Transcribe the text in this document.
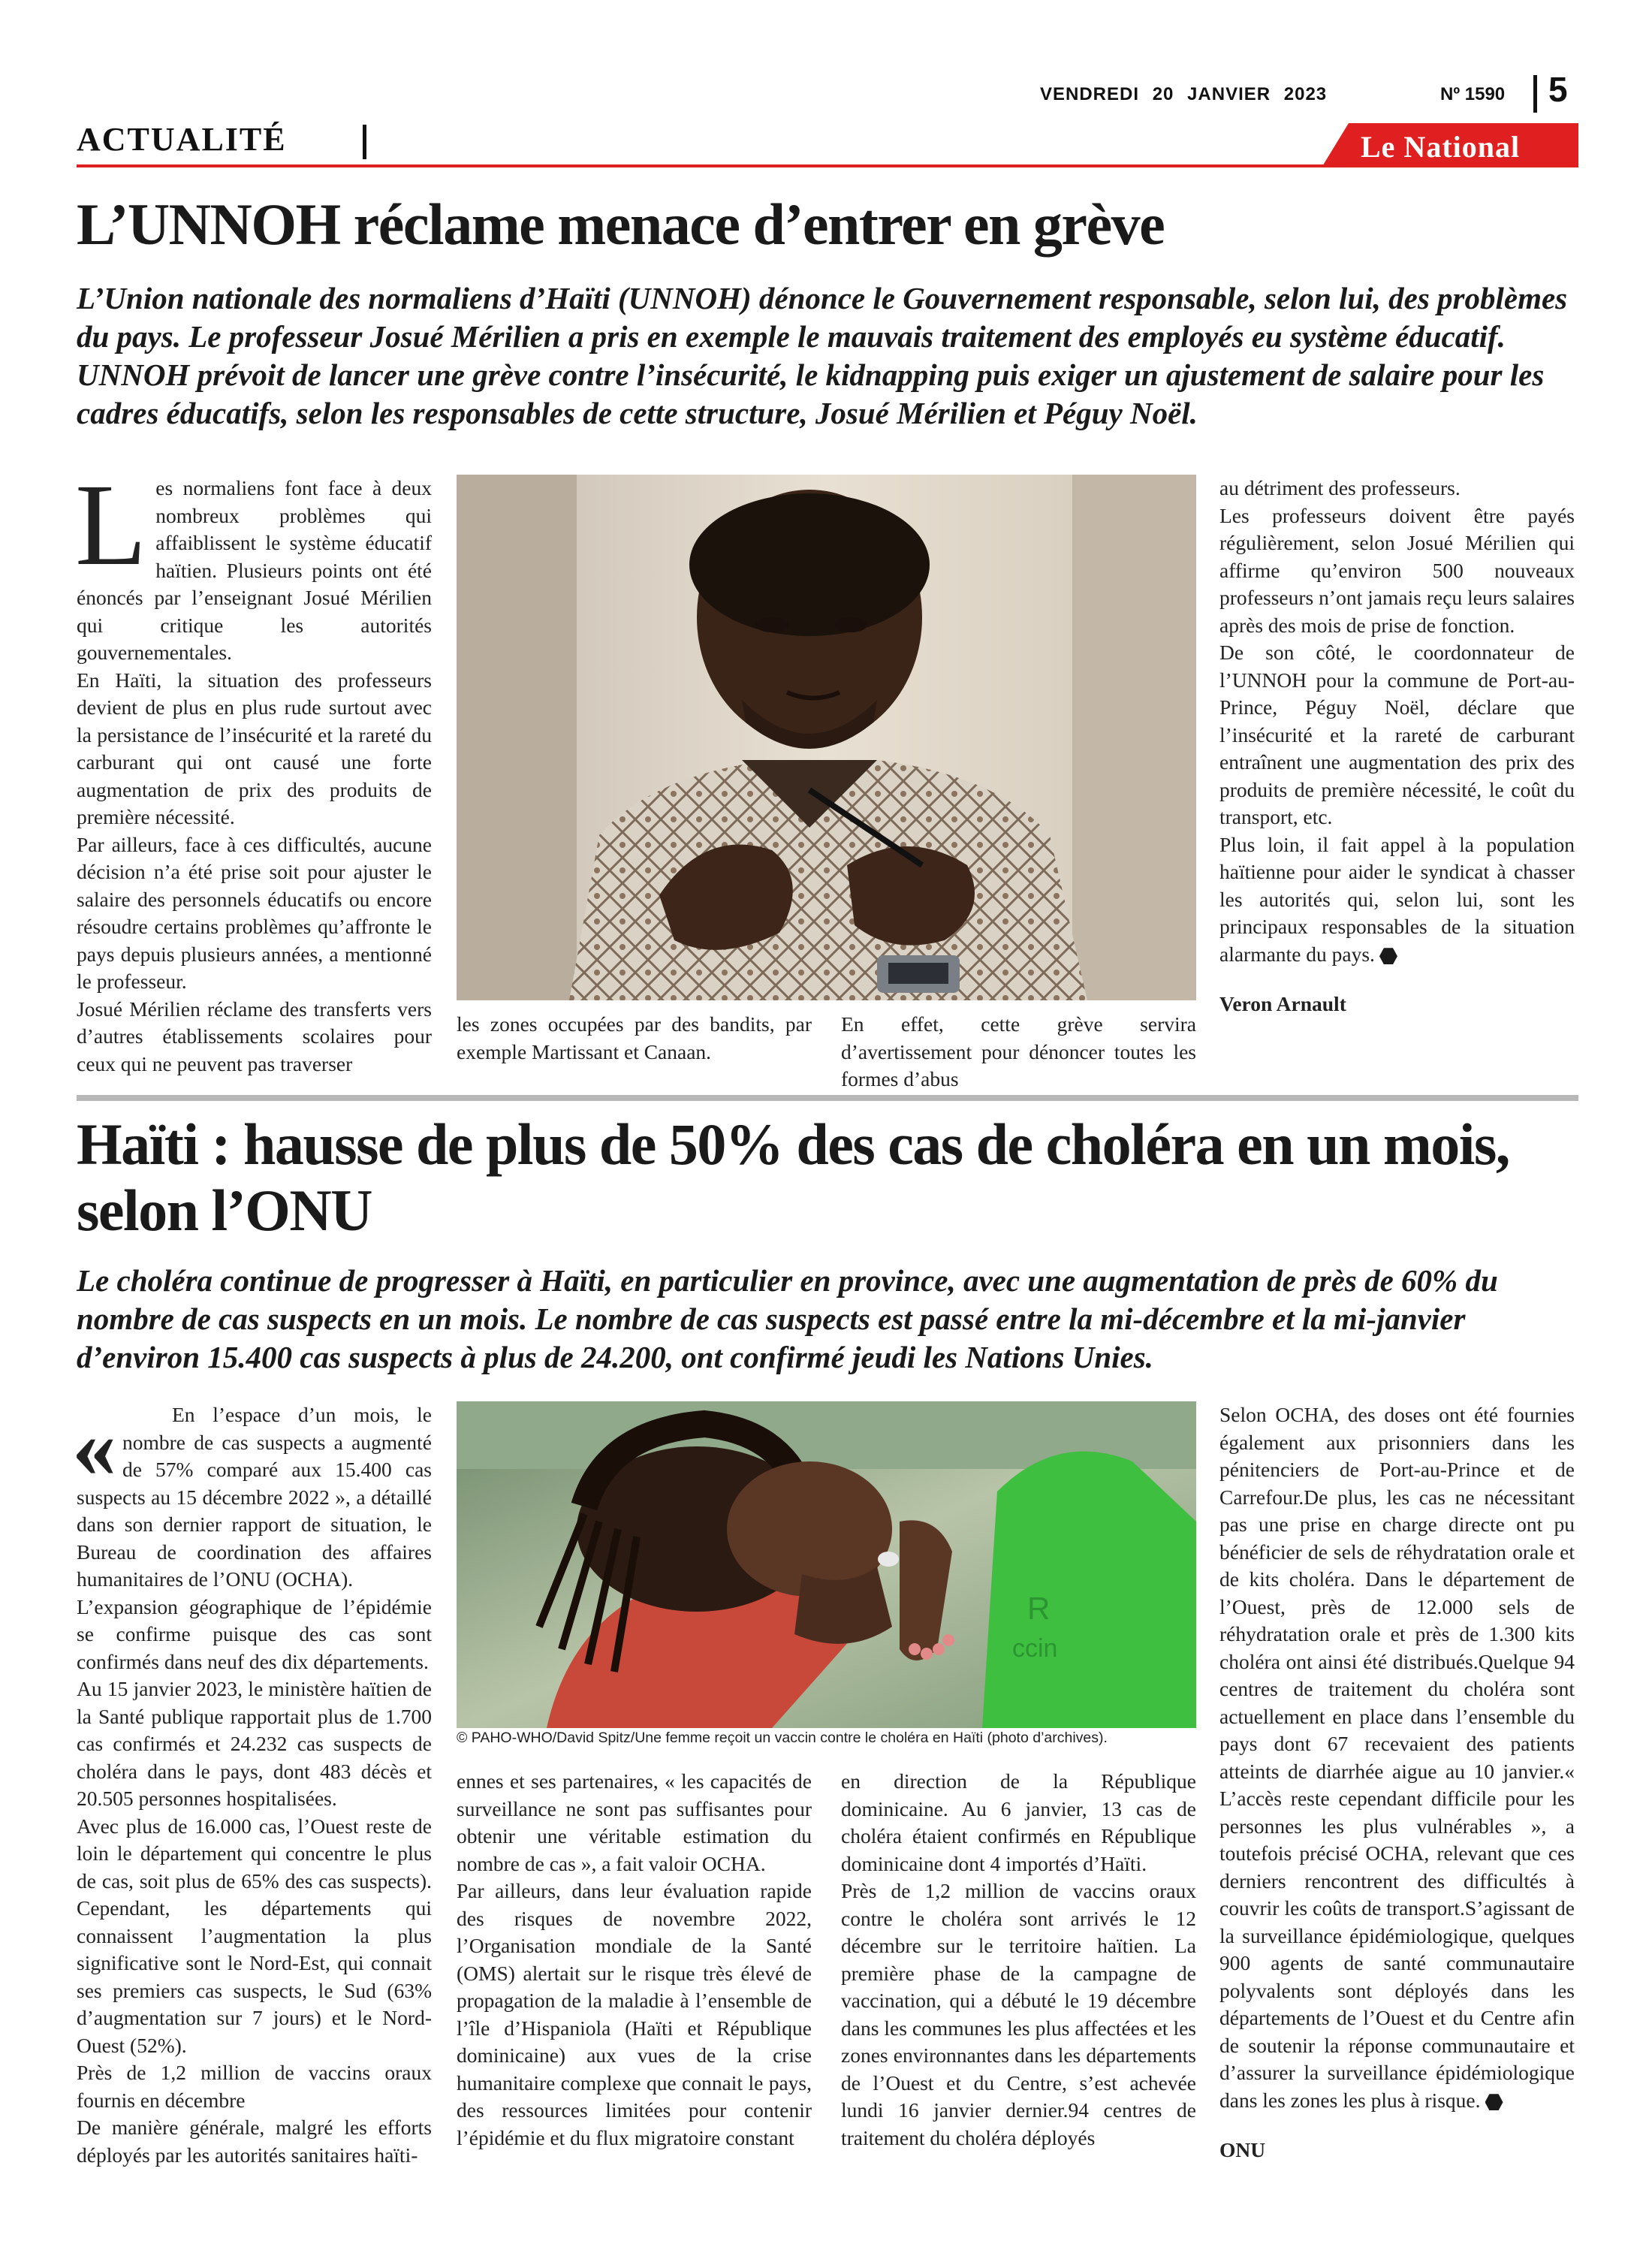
ACTUALITÉ
VENDREDI 20 JANVIER 2023	Nº 1590 5
Le National
L’UNNOH réclame menace d’entrer en grève
L’Union nationale des normaliens d’Haïti (UNNOH) dénonce le Gouvernement responsable, selon lui, des problèmes du pays. Le professeur Josué Mérilien a pris en exemple le mauvais traitement des employés eu système éducatif. UNNOH prévoit de lancer une grève contre l’insécurité, le kidnapping puis exiger un ajustement de salaire pour les cadres éducatifs, selon les responsables de cette structure, Josué Mérilien et Péguy Noël.

Les normaliens font face à deux nombreux problèmes qui affaiblissent le système éducatif haïtien. Plusieurs points ont été énoncés par l’enseignant Josué Mérilien qui critique les autorités gouvernementales.

En Haïti, la situation des professeurs devient de plus en plus rude surtout avec la persistance de l’insécurité et la rareté du carburant qui ont causé une forte augmentation de prix des produits de première nécessité.

Par ailleurs, face à ces difficultés, aucune décision n’a été prise soit pour ajuster le salaire des personnels éducatifs ou encore résoudre certains problèmes qu’affronte le pays depuis plusieurs années, a mentionné le professeur.

Josué Mérilien réclame des transferts vers d’autres établissements scolaires pour ceux qui ne peuvent pas traverser

les zones occupées par des bandits, par exemple Martissant et Canaan.

En effet, cette grève servira d’avertissement pour dénoncer toutes les formes d’abus

au détriment des professeurs.

Les professeurs doivent être payés régulièrement, selon Josué Mérilien qui affirme qu’environ 500 nouveaux professeurs n’ont jamais reçu leurs salaires après des mois de prise de fonction.

De son côté, le coordonnateur de l’UNNOH pour la commune de Port-au-Prince, Péguy Noël, déclare que l’insécurité et la rareté de carburant entraînent une augmentation des prix des produits de première nécessité, le coût du transport, etc.

Plus loin, il fait appel à la population haïtienne pour aider le syndicat à chasser les autorités qui, selon lui, sont les principaux responsables de la situation alarmante du pays.

Veron Arnault

Haïti : hausse de plus de 50% des cas de choléra en un mois, selon l’ONU
Le choléra continue de progresser à Haïti, en particulier en province, avec une augmentation de près de 60% du nombre de cas suspects en un mois. Le nombre de cas suspects est passé entre la mi-décembre et la mi-janvier d’environ 15.400 cas suspects à plus de 24.200, ont confirmé jeudi les Nations Unies.

«	En l’espace d’un mois, le nombre de cas suspects a augmenté de 57% comparé aux 15.400 cas suspects au 15 décembre 2022 », a détaillé dans son dernier rapport de situation, le Bureau de coordination des affaires humanitaires de l’ONU (OCHA).

L’expansion géographique de l’épidémie se confirme puisque des cas sont confirmés dans neuf des dix départements.

Au 15 janvier 2023, le ministère haïtien de la Santé publique rapportait plus de 1.700 cas confirmés et 24.232 cas suspects de choléra dans le pays, dont 483 décès et 20.505 personnes hospitalisées.

Avec plus de 16.000 cas, l’Ouest reste de loin le département qui concentre le plus de cas, soit plus de 65% des cas suspects). Cependant, les départements qui connaissent l’augmentation la plus significative sont le Nord-Est, qui connait ses premiers cas suspects, le Sud (63% d’augmentation sur 7 jours) et le Nord-Ouest (52%).

Près de 1,2 million de vaccins oraux fournis en décembre

De manière générale, malgré les efforts déployés par les autorités sanitaires haïti-

R
ccin
© PAHO-WHO/David Spitz/Une femme reçoit un vaccin contre le choléra en Haïti (photo d’archives).

ennes et ses partenaires, « les capacités de surveillance ne sont pas suffisantes pour obtenir une véritable estimation du nombre de cas », a fait valoir OCHA.

Par ailleurs, dans leur évaluation rapide des risques de novembre 2022, l’Organisation mondiale de la Santé (OMS) alertait sur le risque très élevé de propagation de la maladie à l’ensemble de l’île d’Hispaniola (Haïti et République dominicaine) aux vues de la crise humanitaire complexe que connait le pays, des ressources limitées pour contenir l’épidémie et du flux migratoire constant

en direction de la République dominicaine. Au 6 janvier, 13 cas de choléra étaient confirmés en République dominicaine dont 4 importés d’Haïti.

Près de 1,2 million de vaccins oraux contre le choléra sont arrivés le 12 décembre sur le territoire haïtien. La première phase de la campagne de vaccination, qui a débuté le 19 décembre dans les communes les plus affectées et les zones environnantes dans les départements de l’Ouest et du Centre, s’est achevée lundi 16 janvier dernier.94 centres de traitement du choléra déployés

Selon OCHA, des doses ont été fournies également aux prisonniers dans les pénitenciers de Port-au-Prince et de Carrefour.De plus, les cas ne nécessitant pas une prise en charge directe ont pu bénéficier de sels de réhydratation orale et de kits choléra. Dans le département de l’Ouest, près de 12.000 sels de réhydratation orale et près de 1.300 kits choléra ont ainsi été distribués.Quelque 94 centres de traitement du choléra sont actuellement en place dans l’ensemble du pays dont 67 recevaient des patients atteints de diarrhée aigue au 10 janvier.« L’accès reste cependant difficile pour les personnes les plus vulnérables », a toutefois précisé OCHA, relevant que ces derniers rencontrent des difficultés à couvrir les coûts de transport.S’agissant de la surveillance épidémiologique, quelques 900 agents de santé communautaire polyvalents sont déployés dans les départements de l’Ouest et du Centre afin de soutenir la réponse communautaire et d’assurer la surveillance épidémiologique dans les zones les plus à risque.

ONU
